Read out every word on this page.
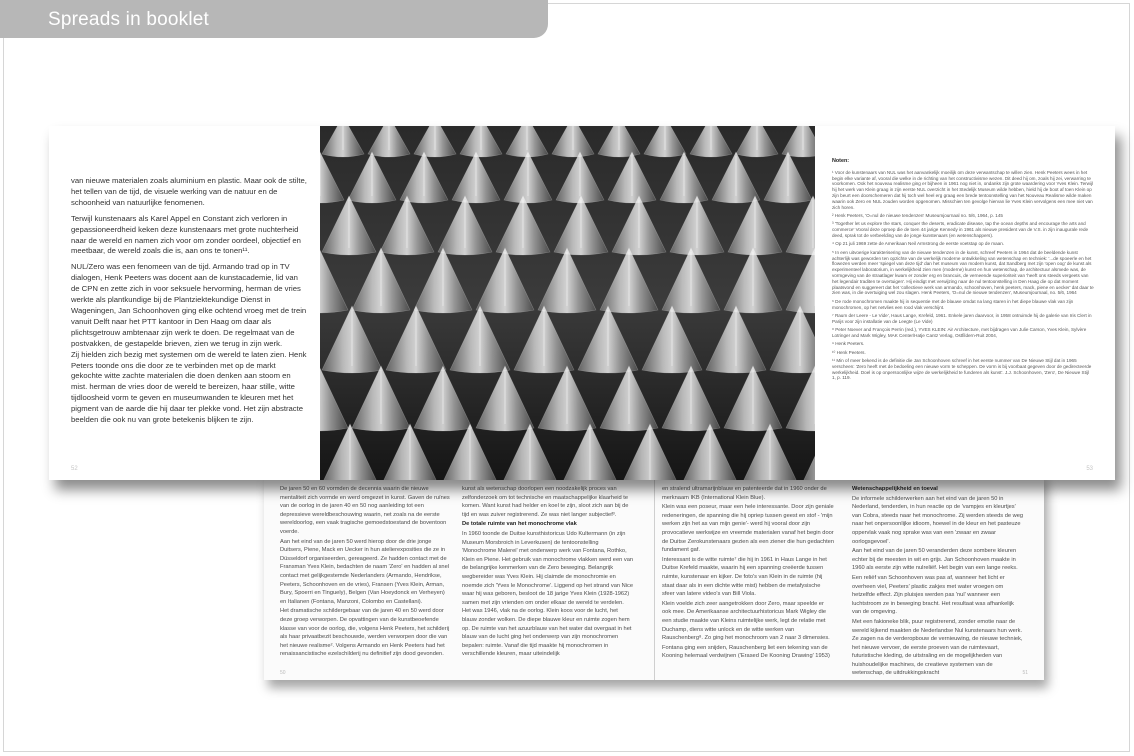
Spreads in booklet

De jaren 50 en 60 vormden de decennia waarin die nieuwe mentaliteit zich vormde en werd omgezet in kunst. Gaven de ruïnes van de oorlog in de jaren 40 en 50 nog aanleiding tot een depressieve wereldbeschouwing waarin, net zoals na de eerste wereldoorlog, een vaak tragische gemoedstoestand de boventoon voerde.

Aan het eind van de jaren 50 werd hierop door de drie jonge Duitsers, Piene, Mack en Uecker in hun atelierexposities die ze in Düsseldorf organiseerden, gereageerd. Ze hadden contact met de Fransman Yves Klein, bedachten de naam 'Zero' en hadden al snel contact met gelijkgestemde Nederlanders (Armando, Hendrikse, Peeters, Schoonhoven en de vries), Fransen (Yves Klein, Arman, Bury, Spoerri en Tinguely), Belgen (Van Hoeydonck en Verheyen) en Italianen (Fontana, Manzoni, Colombo en Castellani).

Het dramatische schildergebaar van de jaren 40 en 50 werd door deze groep verworpen. De opvattingen van de kunstbeoefende klasse van voor de oorlog, die, volgens Henk Peeters, het schilderij als haar privaatbezit beschouwde, werden verworpen door die van het nieuwe realisme². Volgens Armando en Henk Peeters had het renaissancistische ezelschilderij nu definitief zijn dood gevonden.

kunst als wetenschap doorlopen een noodzakelijk proces van zelfonderzoek om tot technische en maatschappelijke klaarheid te komen. Want kunst had helder en koel te zijn, sloot zich aan bij de tijd en was zuiver registrerend. Ze was niet langer subjectief³.

De totale ruimte van het monochrome vlak

In 1960 toonde de Duitse kunsthistoricus Udo Kultermann (in zijn Museum Morsbroich in Leverkusen) de tentoonstelling 'Monochrome Malerei' met onderwerp werk van Fontana, Rothko, Klein en Piene. Het gebruik van monochrome vlakken werd een van de belangrijke kenmerken van de Zero beweging. Belangrijk wegbereider was Yves Klein. Hij claimde de monochromie en noemde zich 'Yves le Monochrome'. Liggend op het strand van Nice waar hij was geboren, besloot de 18 jarige Yves Klein (1928-1962) samen met zijn vrienden om onder elkaar de wereld te verdelen. Het was 1946, vlak na de oorlog. Klein koos voor de lucht, het blauw zonder wolken. De diepe blauwe kleur en ruimte zogen hem op. De ruimte van het azuurblauw van het water dat overgaat in het blauw van de lucht ging het onderwerp van zijn monochromen bepalen: ruimte. Vanaf die tijd maakte hij monochromen in verschillende kleuren, maar uiteindelijk

50

en stralend ultramarijnblauw en patenteerde dat in 1960 onder de merknaam IKB (International Klein Blue).

Klein was een poseur, maar een hele interessante. Door zijn geniale redeneringen, de spanning die hij opriep tussen geest en stof - 'mijn werken zijn het as van mijn genie'- werd hij vooral door zijn provocatieve werkwijze en vreemde materialen vanaf het begin door de Duitse Zerokunstenaars gezien als een ziener die hun gedachten fundament gaf.

Interessant is de witte ruimte⁷ die hij in 1961 in Haus Lange in het Duitse Krefeld maakte, waarin hij een spanning creëerde tussen ruimte, kunstenaar en kijker. De foto's van Klein in de ruimte (hij staat daar als in een dichte witte mist) hebben de metafysische sfeer van latere video's van Bill Viola.

Klein voelde zich zeer aangetrokken door Zero, maar speelde er ook mee. De Amerikaanse architectuurhistoricus Mark Wigley die een studie maakte van Kleins ruimtelijke werk, legt de relatie met Duchamp, diens witte unlock en de witte werken van Rauschenberg⁸. Zo ging het monochroom van 2 naar 3 dimensies.

Fontana ging een snijden, Rauschenberg liet een tekening van de Kooning helemaal verdwijnen ('Erased De Kooning Drawing' 1953)

Wetenschappelijkheid en toeval

De informele schilderwerken aan het eind van de jaren 50 in Nederland, tenderden, in hun reactie op de 'vampjes en kleurtjes' van Cobra, steeds naar het monochrome. Zij werden steeds de weg naar het onpersoonlijke idioom, hoewel in de kleur en het pasteuze oppervlak vaak nog sprake was van een 'zwaar en zwaar oorlogsgevoel'.

Aan het eind van de jaren 50 veranderden deze sombere kleuren echter bij de meesten in wit en grijs. Jan Schoonhoven maakte in 1960 als eerste zijn witte nulreliëf. Het begin van een lange reeks.

Een reliëf van Schoonhoven was pas af, wanneer het licht er overheen viel, Peeters' plastic zakjes met water vroegen om hetzelfde effect. Zijn pluisjes werden pas 'nul' wanneer een luchtstroom ze in beweging bracht. Het resultaat was afhankelijk van de omgeving.

Met een fakioneke blik, puur registrerend, zonder emotie naar de wereld kijkend maakten de Nederlandse Nul kunstenaars hun werk. Ze zagen na de verderopbouw de vernieuwing, de nieuwe techniek, het nieuwe vervoer, de eerste proeven van de ruimtevaart, futuristische kleding, de uitstraling en de mogelijkheden van huishoudelijke machines, de creatieve systemen van de wetenschap, de uitdrukkingskracht	51

van nieuwe materialen zoals aluminium en plastic. Maar ook de stilte, het tellen van de tijd, de visuele werking van de natuur en de schoonheid van natuurlijke fenomenen.

Terwijl kunstenaars als Karel Appel en Constant zich verloren in gepassioneerdheid keken deze kunstenaars met grote nuchterheid naar de wereld en namen zich voor om zonder oordeel, objectief en meetbaar, de wereld zoals die is, aan ons te tonen¹¹.

NUL/Zero was een fenomeen van de tijd. Armando trad op in TV dialogen, Henk Peeters was docent aan de kunstacademie, lid van de CPN en zette zich in voor seksuele hervorming, herman de vries werkte als plantkundige bij de Plantziektekundige Dienst in Wageningen, Jan Schoonhoven ging elke ochtend vroeg met de trein vanuit Delft naar het PTT kantoor in Den Haag om daar als plichtsgetrouw ambtenaar zijn werk te doen. De regelmaat van de postvakken, de gestapelde brieven, zien we terug in zijn werk.

Zij hielden zich bezig met systemen om de wereld te laten zien. Henk Peters toonde ons die door ze te verbinden met op de markt gekochte witte zachte materialen die doen denken aan stoom en mist. herman de vries door de wereld te bereizen, haar stille, witte tijdloosheid vorm te geven en museumwanden te kleuren met het pigment van de aarde die hij daar ter plekke vond. Het zijn abstracte beelden die ook nu van grote betekenis blijken te zijn.

52
Noten:

¹ Voor de kunstenaars van NUL was het aanvankelijk moeilijk om deze verwantschap te willen zien. Henk Peeters wees in het begin elke variante af, vooral die welke in de richting van het constructivisme wezen. Dit deed hij om, zoals hij zei, verwarring te voorkomen. Ook het nouveau realisme ging er bijheen in 1961 nog niet in, ondanks zijn grote waardering voor Yves Klein. Terwijl hij het werk van Klein graag in zijn eerste NUL overzicht in het Stedelijk Museum wilde hebben, hield hij de boot af toen Klein op zijn beurt een doorschemeren dat hij toch wel heel erg graag een brede tentoonstelling van het Nouveau Realisme wilde maken waarin ook Zero en NUL zouden worden opgenomen. Misschien ten gevolge hiervan lie Yves Klein vervolgens een mee niet van zich horen.

² Henk Peeters, 'O=nul de nieuwe tendenzen' Museumjournaal no. 5/6, 1964, p. 145

³ 'Together let us explore the stars, conquer the deserts, eradicate disease, tap the ocean depths and encourage the arts and commerce' Vooral deze oproep die de toen 44 jarige Kennedy in 1961 als nieuwe president van de V.S. in zijn inaugurale rede deed, sprak tot de verbeelding van de jonge kunstenaars (en wetenschappers).

⁴ Op 21 juli 1969 zette de Amerikaan Neil Armstrong de eerste voetstap op de maan.

⁵ In een uitvoerige karakterisering van de nieuwe tendenzen in de kunst, schreef Peeters in 1964 dat de beeldende kunst achterlijk was geworden ten opzichte van de werkelijk moderne ontwikkeling van wetenschap en techniek: '...de spoeerle en het flowezen werden meer 'spiegel van deze tijd' dan het museum van modern kunst, dat Sandberg met zijn 'open oog' de kunst als experimenteel laboratorium, in werkelijkheid zien men (moderne) kunst en hun wetenschap, de architectuur alsmede was, de vormgeving van de straatlager kwam er zonder erg en brancuis, de verneende superioriteit van 'heeft ons steeds vergeets van het legendair traditen te overtuigen'. Hij eindigt met verwijzing naar de nul tentoonstelling in Den Haag die op dat moment plaatsvond en suggereert dat het 'collectieve werk van armando, schoonhoven, henk peeters, mack, piene en uecker' dat daar te zien was, in die overtuiging wel zou slagen. Henk Peeters, 'O=nul de nieuwe tendenzen', Museumjournaal, no. 5/6, 1964

⁶ De rode monochromen maakte hij in sequentie met de blauwe omdat na lang staren in het diepe blauwe vlak van zijn monochromen, op het netvlies een rood vlak verschijnt.

⁷ Raum der Leere - Le Vide', Haus Lange, Krefeld, 1961. Enkele jaren daarvoor, in 1958 ontruimde hij de galerie van Iris Clert in Parijs voor zijn installatie van de Leegte (Le Vide)

⁸ Peter Noever and François Perrin (red.), YVES KLEIN: Air Architecture, met bijdragen van Julie Carson, Yves Klein, Sylvère Lotringer and Mark Wigley, MAK Center/Hatje Cantz Verlag, Ostfildern-Ruit 2004,

⁹ Henk Peeters.

¹⁰ Henk Peeters.

¹¹ Min of meer bekend is de definitie die Jan Schoonhoven schreef in het eerste nummer van De Nieuwe Stijl dat in 1965 verscheen: 'Zero heeft met de bedoeling een nieuwe vorm te scheppen. De vorm is bij voorbaat gegeven door de gedirecteerde werkelijkheid. Doel is op onpersoonlijke wijze de werkelijkheid te funderen als kunst'. J.J. Schoonhoven, 'Zero', De Nieuwe Stijl 1, p. 119.

53
